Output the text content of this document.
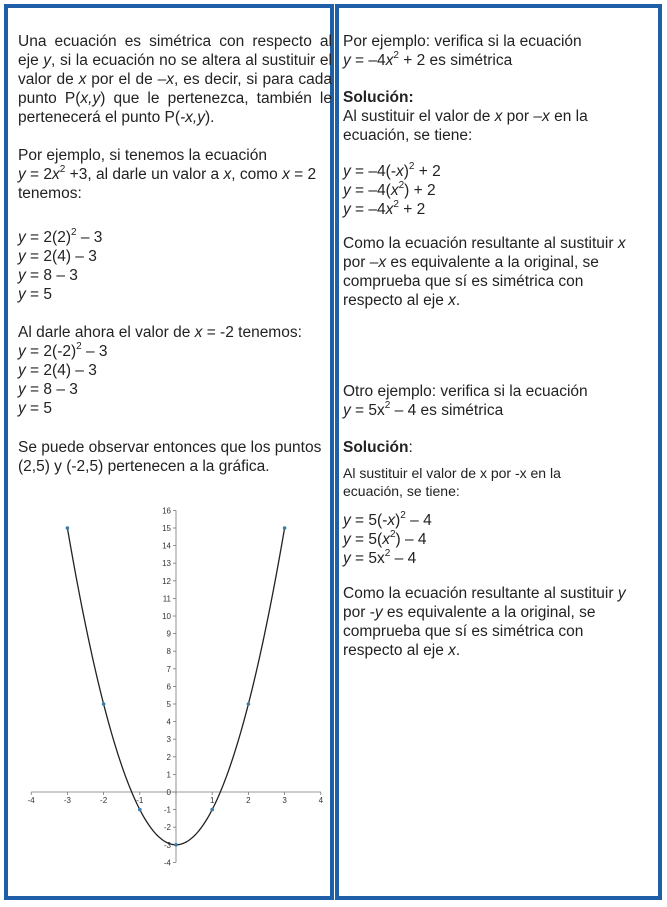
Una ecuación es simétrica con respecto al eje y, si la ecuación no se altera al sustituir el valor de x por el de –x, es decir, si para cada punto P(x,y) que le pertenezca, también le pertenecerá el punto P(-x,y).

Por ejemplo, si tenemos la ecuación
$y = 2x^2 +3$, al darle un valor a x, como x = 2
tenemos:

$y = 2(2)^2 - 3$
y = 2(4) – 3
y = 8 – 3
y = 5
Al darle ahora el valor de x = -2 tenemos:
$y = 2(-2)^2 - 3$
y = 2(4) – 3
y = 8 – 3
y = 5

Se puede observar entonces que los puntos (2,5) y (-2,5) pertenecen a la gráfica.

-4	-3	-2	-1	1	2	3	4
-4
-3
-2
-1
0
1
2
3
4
5
6
7
8
9
10
11
12
13
14
15
16
Por ejemplo: verifica si la ecuación
$y = -4x^2 + 2$ es simétrica
Solución:
Al sustituir el valor de x por –x en la
ecuación, se tiene:
$y = -4(-x)^2 + 2$
$y = -4(x^2) + 2$
$y = -4x^2 + 2$
Como la ecuación resultante al sustituir x
por –x es equivalente a la original, se
comprueba que sí es simétrica con
respecto al eje x.
Otro ejemplo: verifica si la ecuación
$y = 5x^2 - 4$ es simétrica
Solución:
Al sustituir el valor de x por -x en la
ecuación, se tiene:
$y = 5(-x)^2 - 4$
$y = 5(x^2) - 4$
$y = 5x^2 - 4$
Como la ecuación resultante al sustituir y
por -y es equivalente a la original, se
comprueba que sí es simétrica con
respecto al eje x.
